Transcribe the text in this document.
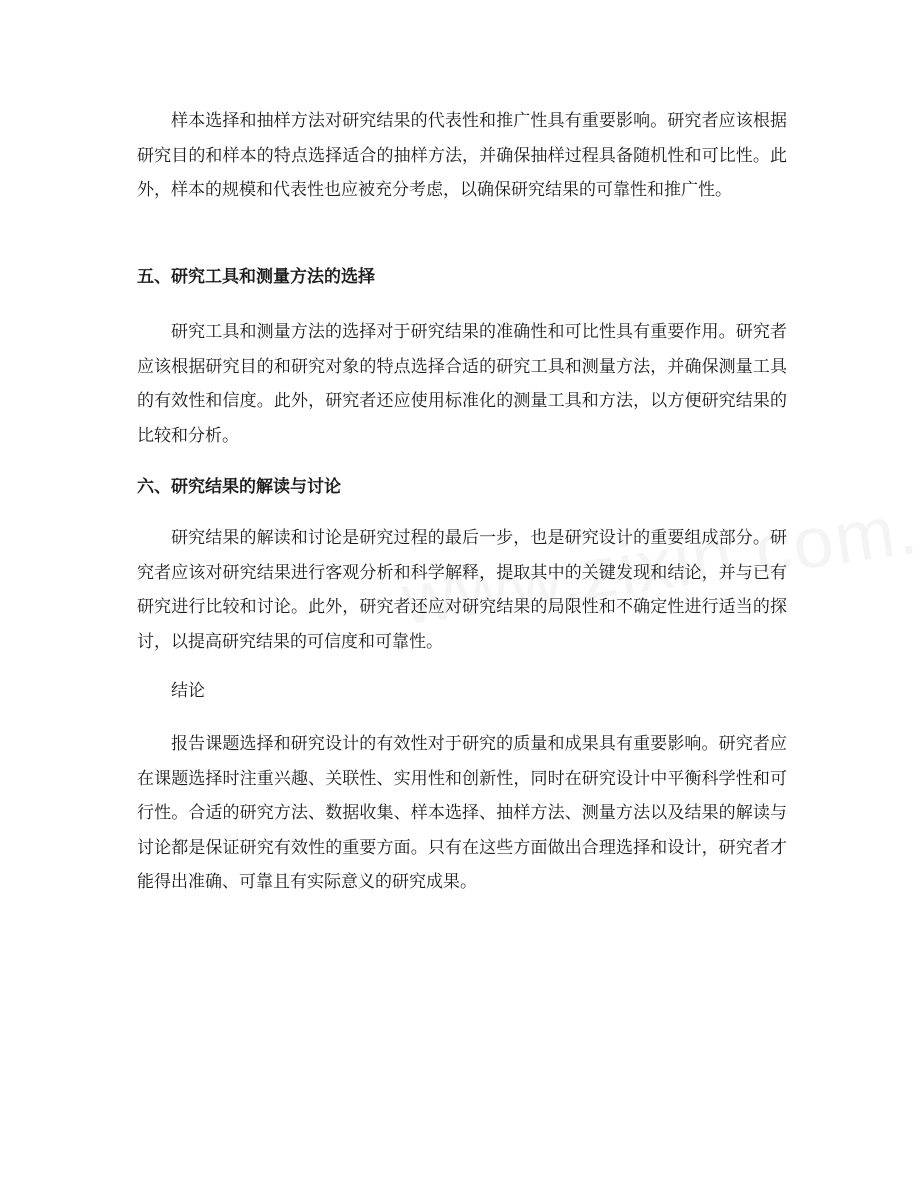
样本选择和抽样方法对研究结果的代表性和推广性具有重要影响。研究者应该根据研究目的和样本的特点选择适合的抽样方法，并确保抽样过程具备随机性和可比性。此外，样本的规模和代表性也应被充分考虑，以确保研究结果的可靠性和推广性。

五、研究工具和测量方法的选择

研究工具和测量方法的选择对于研究结果的准确性和可比性具有重要作用。研究者应该根据研究目的和研究对象的特点选择合适的研究工具和测量方法，并确保测量工具的有效性和信度。此外，研究者还应使用标准化的测量工具和方法，以方便研究结果的比较和分析。

六、研究结果的解读与讨论

研究结果的解读和讨论是研究过程的最后一步，也是研究设计的重要组成部分。研究者应该对研究结果进行客观分析和科学解释，提取其中的关键发现和结论，并与已有研究进行比较和讨论。此外，研究者还应对研究结果的局限性和不确定性进行适当的探讨，以提高研究结果的可信度和可靠性。

结论

报告课题选择和研究设计的有效性对于研究的质量和成果具有重要影响。研究者应在课题选择时注重兴趣、关联性、实用性和创新性，同时在研究设计中平衡科学性和可行性。合适的研究方法、数据收集、样本选择、抽样方法、测量方法以及结果的解读与讨论都是保证研究有效性的重要方面。只有在这些方面做出合理选择和设计，研究者才能得出准确、可靠且有实际意义的研究成果。
